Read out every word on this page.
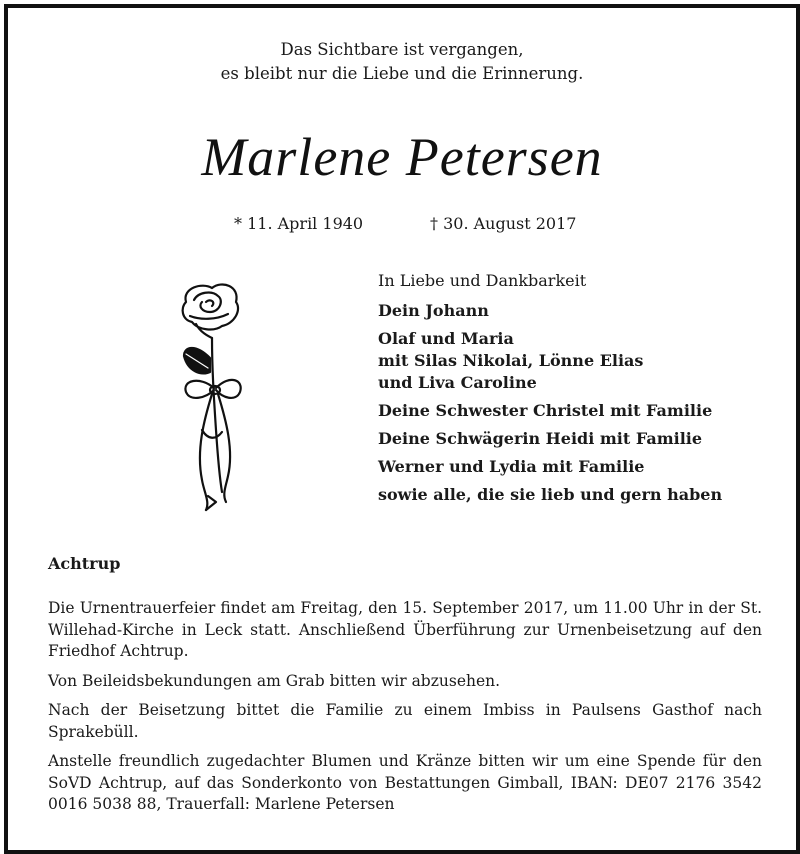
Das Sichtbare ist vergangen,
es bleibt nur die Liebe und die Erinnerung.
Marlene Petersen
* 11. April 1940	† 30. August 2017
In Liebe und Dankbarkeit
Dein Johann
Olaf und Maria
mit Silas Nikolai, Lönne Elias
und Liva Caroline
Deine Schwester Christel mit Familie
Deine Schwägerin Heidi mit Familie
Werner und Lydia mit Familie
sowie alle, die sie lieb und gern haben
Achtrup

Die Urnentrauerfeier findet am Freitag, den 15. September 2017, um 11.00 Uhr in der St. Willehad-Kirche in Leck statt. Anschließend Überführung zur Urnenbeisetzung auf den Friedhof Achtrup.

Von Beileidsbekundungen am Grab bitten wir abzusehen.

Nach der Beisetzung bittet die Familie zu einem Imbiss in Paulsens Gasthof nach Sprakebüll.

Anstelle freundlich zugedachter Blumen und Kränze bitten wir um eine Spende für den SoVD Achtrup, auf das Sonderkonto von Bestattungen Gimball, IBAN: DE07 2176 3542 0016 5038 88, Trauerfall: Marlene Petersen
